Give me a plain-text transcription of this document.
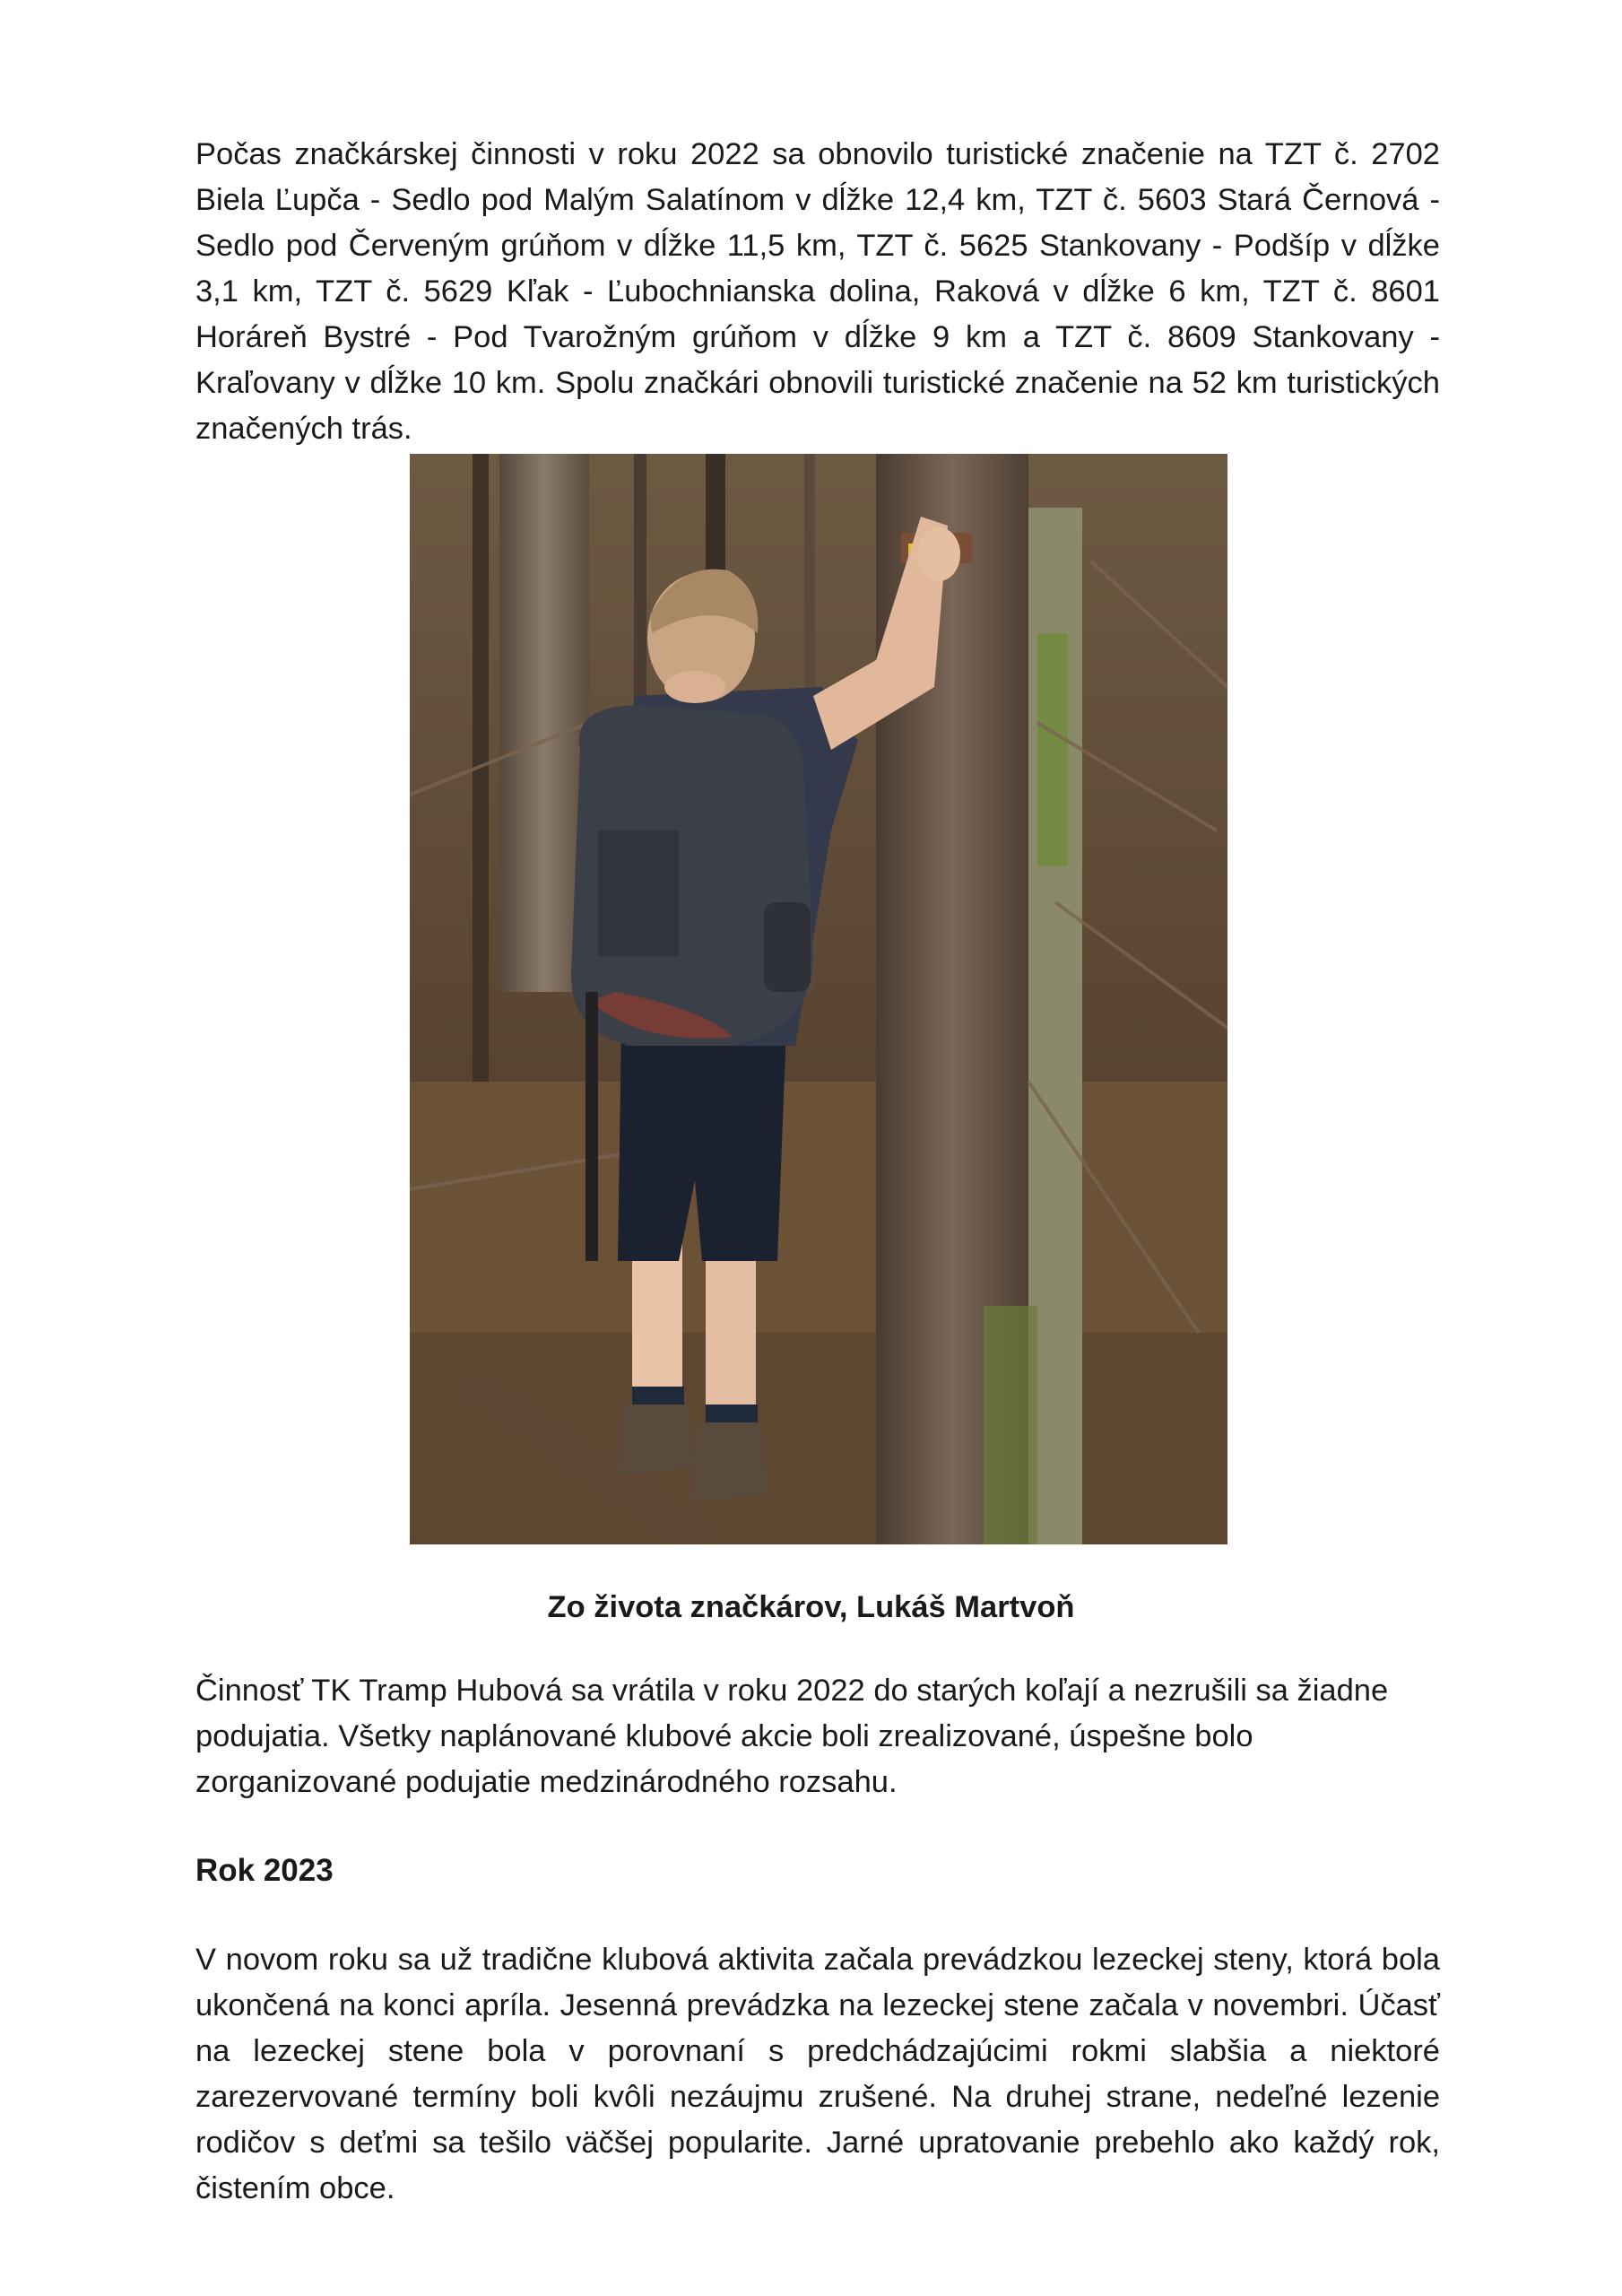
Počas značkárskej činnosti v roku 2022 sa obnovilo turistické značenie na TZT č. 2702 Biela Ľupča - Sedlo pod Malým Salatínom v dĺžke 12,4 km, TZT č. 5603 Stará Černová - Sedlo pod Červeným grúňom v dĺžke 11,5 km, TZT č. 5625 Stankovany - Podšíp v dĺžke 3,1 km, TZT č. 5629 Kľak - Ľubochnianska dolina, Raková v dĺžke 6 km, TZT č. 8601 Horáreň Bystré - Pod Tvarožným grúňom v dĺžke 9 km a TZT č. 8609 Stankovany - Kraľovany v dĺžke 10 km. Spolu značkári obnovili turistické značenie na 52 km turistických značených trás.

Zo života značkárov, Lukáš Martvoň

Činnosť TK Tramp Hubová sa vrátila v roku 2022 do starých koľají a nezrušili sa žiadne podujatia. Všetky naplánované klubové akcie boli zrealizované, úspešne bolo zorganizované podujatie medzinárodného rozsahu.

Rok 2023

V novom roku sa už tradične klubová aktivita začala prevádzkou lezeckej steny, ktorá bola ukončená na konci apríla. Jesenná prevádzka na lezeckej stene začala v novembri. Účasť na lezeckej stene bola v porovnaní s predchádzajúcimi rokmi slabšia a niektoré zarezervované termíny boli kvôli nezáujmu zrušené. Na druhej strane, nedeľné lezenie rodičov s deťmi sa tešilo väčšej popularite. Jarné upratovanie prebehlo ako každý rok, čistením obce.
